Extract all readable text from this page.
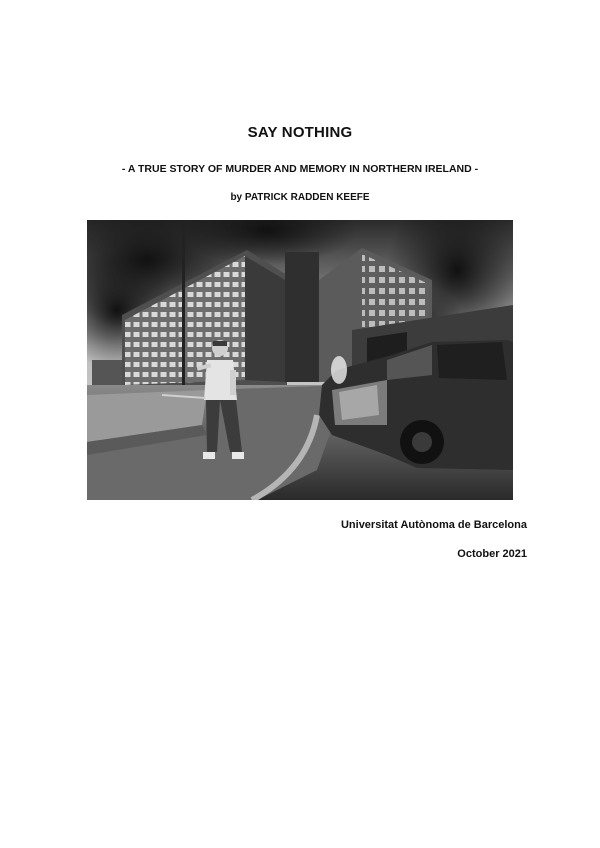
SAY NOTHING
- A TRUE STORY OF MURDER AND MEMORY IN NORTHERN IRELAND -
by PATRICK RADDEN KEEFE
Universitat Autònoma de Barcelona
October 2021
